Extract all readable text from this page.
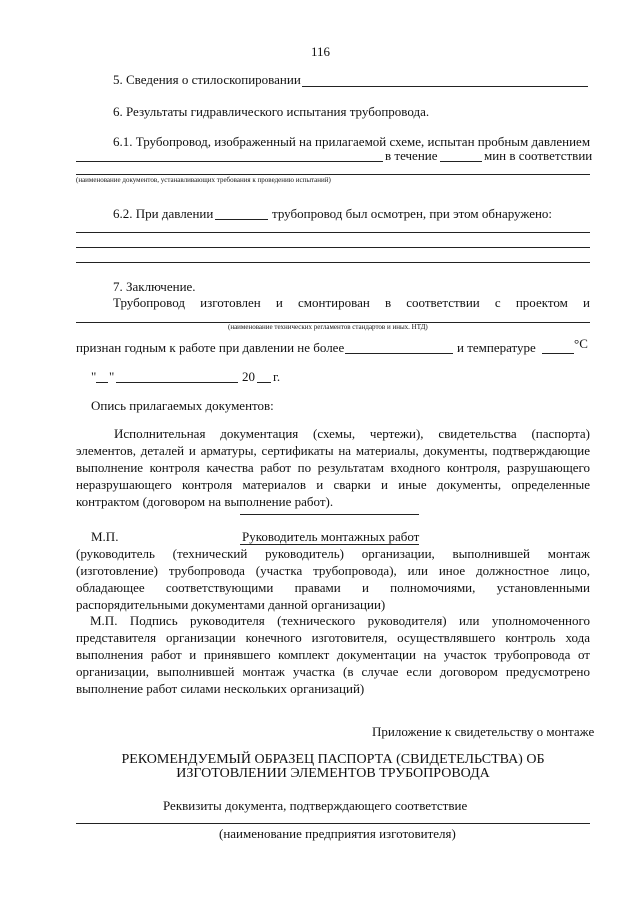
116
5. Сведения о стилоскопировании
6. Результаты гидравлического испытания трубопровода.
6.1. Трубопровод, изображенный на прилагаемой схеме, испытан пробным давлением
в течение	мин в соответствии
(наименование документов, устанавливающих требования к проведению испытаний)
6.2. При давлении	трубопровод был осмотрен, при этом обнаружено:
7. Заключение.
Трубопровод изготовлен и смонтирован в соответствии с проектом и
(наименование технических регламентов стандартов и иных. НТД)
признан годным к работе при давлении не более	и температуре	°С
" "	20 г.
Опись прилагаемых документов:
Исполнительная документация (схемы, чертежи), свидетельства (паспорта) элементов, деталей и арматуры, сертификаты на материалы, документы, подтверждающие выполнение контроля качества работ по результатам входного контроля, разрушающего неразрушающего контроля материалов и сварки и иные документы, определенные контрактом (договором на выполнение работ).
М.П.	Руководитель монтажных работ
(руководитель (технический руководитель) организации, выполнившей монтаж (изготовление) трубопровода (участка трубопровода), или иное должностное лицо, обладающее соответствующими правами и полномочиями, установленными распорядительными документами данной организации)
М.П. Подпись руководителя (технического руководителя) или уполномоченного представителя организации конечного изготовителя, осуществлявшего контроль хода выполнения работ и принявшего комплект документации на участок трубопровода от организации, выполнившей монтаж участка (в случае если договором предусмотрено выполнение работ силами нескольких организаций)
Приложение к свидетельству о монтаже
РЕКОМЕНДУЕМЫЙ ОБРАЗЕЦ ПАСПОРТА (СВИДЕТЕЛЬСТВА) ОБ
ИЗГОТОВЛЕНИИ ЭЛЕМЕНТОВ ТРУБОПРОВОДА
Реквизиты документа, подтверждающего соответствие
(наименование предприятия изготовителя)
